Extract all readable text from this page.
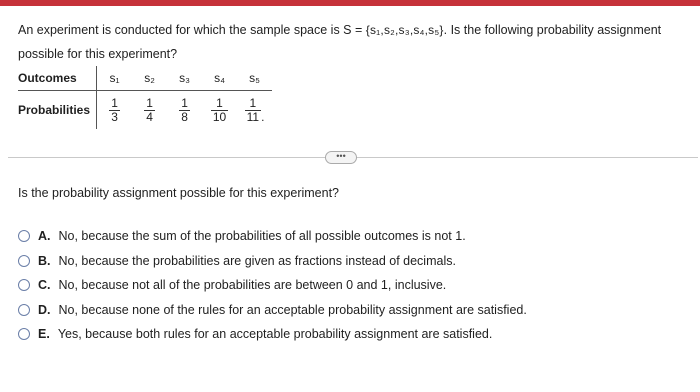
An experiment is conducted for which the sample space is S = {s₁,s₂,s₃,s₄,s₅}. Is the following probability assignment
possible for this experiment?
Outcomes	s₁	s₂	s₃	s₄	s₅
Probabilities	$\frac{1}{3}$	$\frac{1}{4}$	$\frac{1}{8}$	$\frac{1}{10}$	$\frac{1}{11}$ .
•••
Is the probability assignment possible for this experiment?
A. No, because the sum of the probabilities of all possible outcomes is not 1.
B. No, because the probabilities are given as fractions instead of decimals.
C. No, because not all of the probabilities are between 0 and 1, inclusive.
D. No, because none of the rules for an acceptable probability assignment are satisfied.
E. Yes, because both rules for an acceptable probability assignment are satisfied.
